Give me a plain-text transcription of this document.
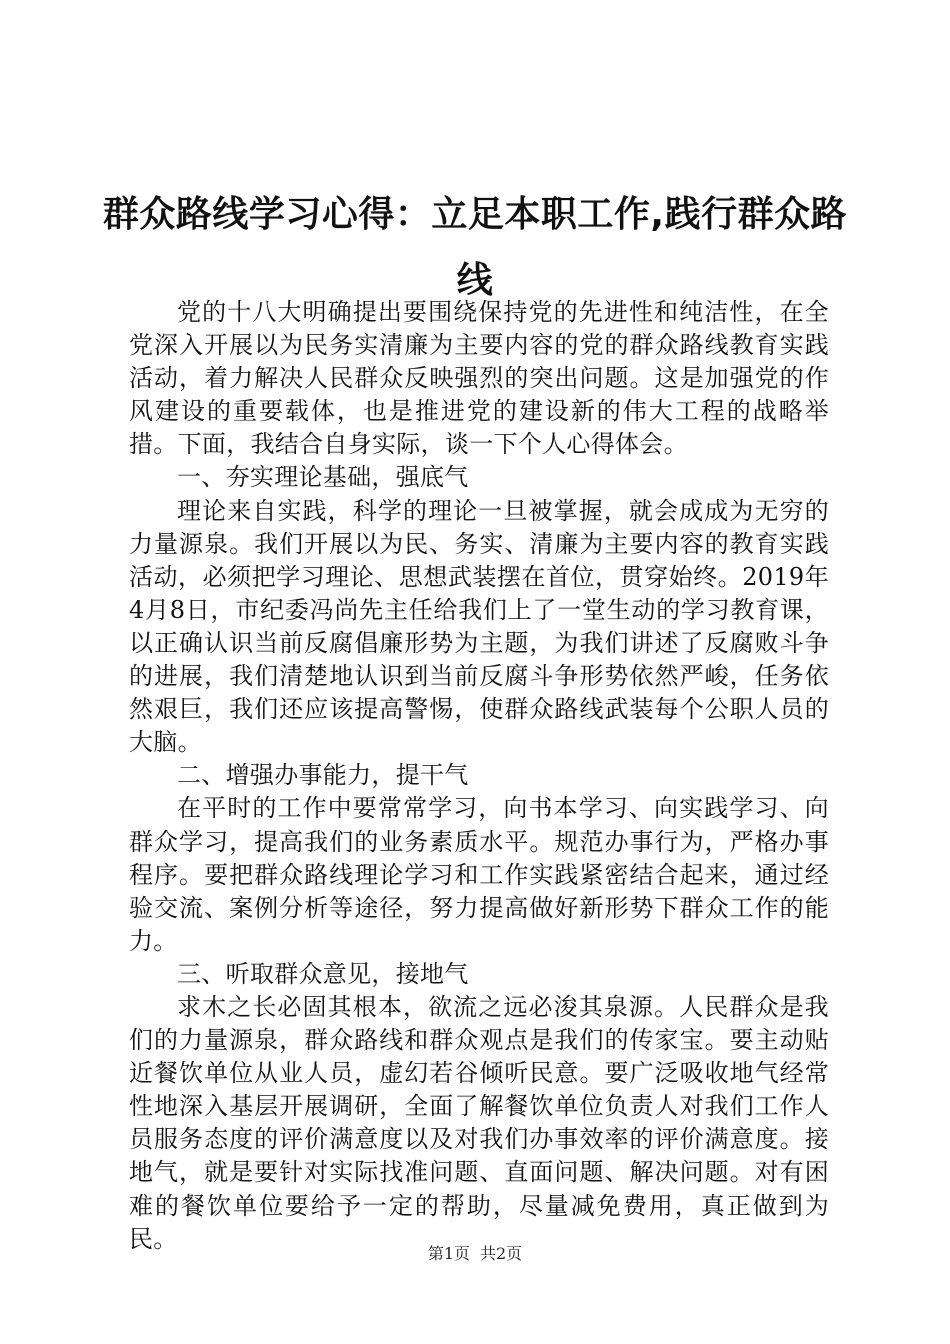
群众路线学习心得：立足本职工作,践行群众路线

党的十八大明确提出要围绕保持党的先进性和纯洁性，在全党深入开展以为民务实清廉为主要内容的党的群众路线教育实践活动，着力解决人民群众反映强烈的突出问题。这是加强党的作风建设的重要载体，也是推进党的建设新的伟大工程的战略举措。下面，我结合自身实际，谈一下个人心得体会。

一、夯实理论基础，强底气

理论来自实践，科学的理论一旦被掌握，就会成成为无穷的力量源泉。我们开展以为民、务实、清廉为主要内容的教育实践活动，必须把学习理论、思想武装摆在首位，贯穿始终。2019年4月8日，市纪委冯尚先主任给我们上了一堂生动的学习教育课，以正确认识当前反腐倡廉形势为主题，为我们讲述了反腐败斗争的进展，我们清楚地认识到当前反腐斗争形势依然严峻，任务依然艰巨，我们还应该提高警惕，使群众路线武装每个公职人员的大脑。

二、增强办事能力，提干气

在平时的工作中要常常学习，向书本学习、向实践学习、向群众学习，提高我们的业务素质水平。规范办事行为，严格办事程序。要把群众路线理论学习和工作实践紧密结合起来，通过经验交流、案例分析等途径，努力提高做好新形势下群众工作的能力。

三、听取群众意见，接地气

求木之长必固其根本，欲流之远必浚其泉源。人民群众是我们的力量源泉，群众路线和群众观点是我们的传家宝。要主动贴近餐饮单位从业人员，虚幻若谷倾听民意。要广泛吸收地气经常性地深入基层开展调研，全面了解餐饮单位负责人对我们工作人员服务态度的评价满意度以及对我们办事效率的评价满意度。接地气，就是要针对实际找准问题、直面问题、解决问题。对有困难的餐饮单位要给予一定的帮助，尽量减免费用，真正做到为民。

第1页 共2页
